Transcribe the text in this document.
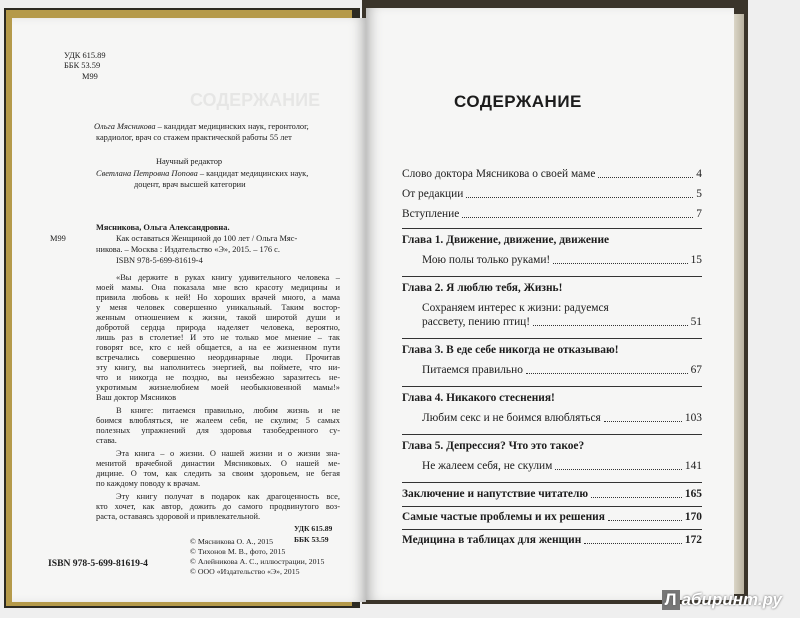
УДК 615.89
ББК 53.59
М99
СОДЕРЖАНИЕ
Ольга Мясникова – кандидат медицинских наук, геронтолог,
кардиолог, врач со стажем практической работы 55 лет
Научный редактор
Светлана Петровна Попова – кандидат медицинских наук,
доцент, врач высшей категории
Мясникова, Ольга Александровна.
М99	Как оставаться Женщиной до 100 лет / Ольга Мяс-
никова. – Москва : Издательство «Э», 2015. – 176 с.
ISBN 978-5-699-81619-4
«Вы держите в руках книгу удивительного человека –
моей мамы. Она показала мне всю красоту медицины и
привила любовь к ней! Но хороших врачей много, а мама
у меня человек совершенно уникальный. Таким востор-
женным отношением к жизни, такой широтой души и
добротой сердца природа наделяет человека, вероятно,
лишь раз в столетие! И это не только мое мнение – так
говорят все, кто с ней общается, а на ее жизненном пути
встречались совершенно неординарные люди. Прочитав
эту книгу, вы наполнитесь энергией, вы поймете, что ни-
что и никогда не поздно, вы неизбежно заразитесь не-
укротимым жизнелюбием моей необыкновенной мамы!»
Ваш доктор Мясников
В книге: питаемся правильно, любим жизнь и не
боимся влюбляться, не жалеем себя, не скулим; 5 самых
полезных упражнений для здоровья тазобедренного су-
става.
Эта книга – о жизни. О нашей жизни и о жизни зна-
менитой врачебной династии Мясниковых. О нашей ме-
дицине. О том, как следить за своим здоровьем, не бегая
по каждому поводу к врачам.
Эту книгу получат в подарок как драгоценность все,
кто хочет, как автор, дожить до самого продвинутого воз-
раста, оставаясь здоровой и привлекательной.
УДК 615.89
ББК 53.59
ISBN 978-5-699-81619-4
© Мясникова О. А., 2015
© Тихонов М. В., фото, 2015
© Алейникова А. С., иллюстрации, 2015
© ООО «Издательство «Э», 2015
СОДЕРЖАНИЕ
Слово доктора Мясникова о своей маме	4
От редакции	5
Вступление	7
Глава 1. Движение, движение, движение
Мою полы только руками!	15
Глава 2. Я люблю тебя, Жизнь!
Сохраняем интерес к жизни: радуемся
рассвету, пению птиц!	51
Глава 3. В еде себе никогда не отказываю!
Питаемся правильно	67
Глава 4. Никакого стеснения!
Любим секс и не боимся влюбляться	103
Глава 5. Депрессия? Что это такое?
Не жалеем себя, не скулим	141
Заключение и напутствие читателю	165
Самые частые проблемы и их решения	170
Медицина в таблицах для женщин	172
Л абиринт.ру
